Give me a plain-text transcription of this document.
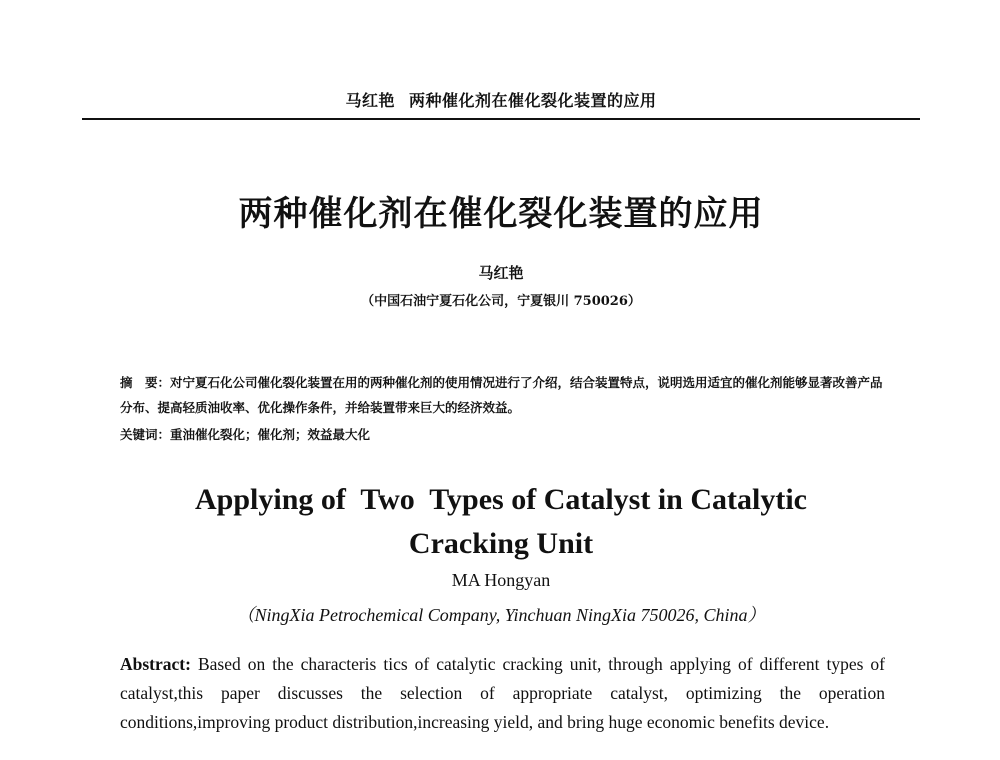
马红艳 两种催化剂在催化裂化装置的应用
两种催化剂在催化裂化装置的应用
马红艳
（中国石油宁夏石化公司，宁夏银川 750026）
摘　要：对宁夏石化公司催化裂化装置在用的两种催化剂的使用情况进行了介绍，结合装置特点，说明选用适宜的催化剂能够显著改善产品分布、提高轻质油收率、优化操作条件，并给装置带来巨大的经济效益。
关键词：重油催化裂化；催化剂；效益最大化
Applying of  Two  Types of Catalyst in Catalytic
Cracking Unit
MA Hongyan
（NingXia Petrochemical Company, Yinchuan NingXia 750026, China）
Abstract: Based on the characteris tics of catalytic cracking unit, through applying of different types of catalyst,this paper discusses the selection of appropriate catalyst, optimizing the operation conditions,improving product distribution,increasing yield, and bring huge economic benefits device.
